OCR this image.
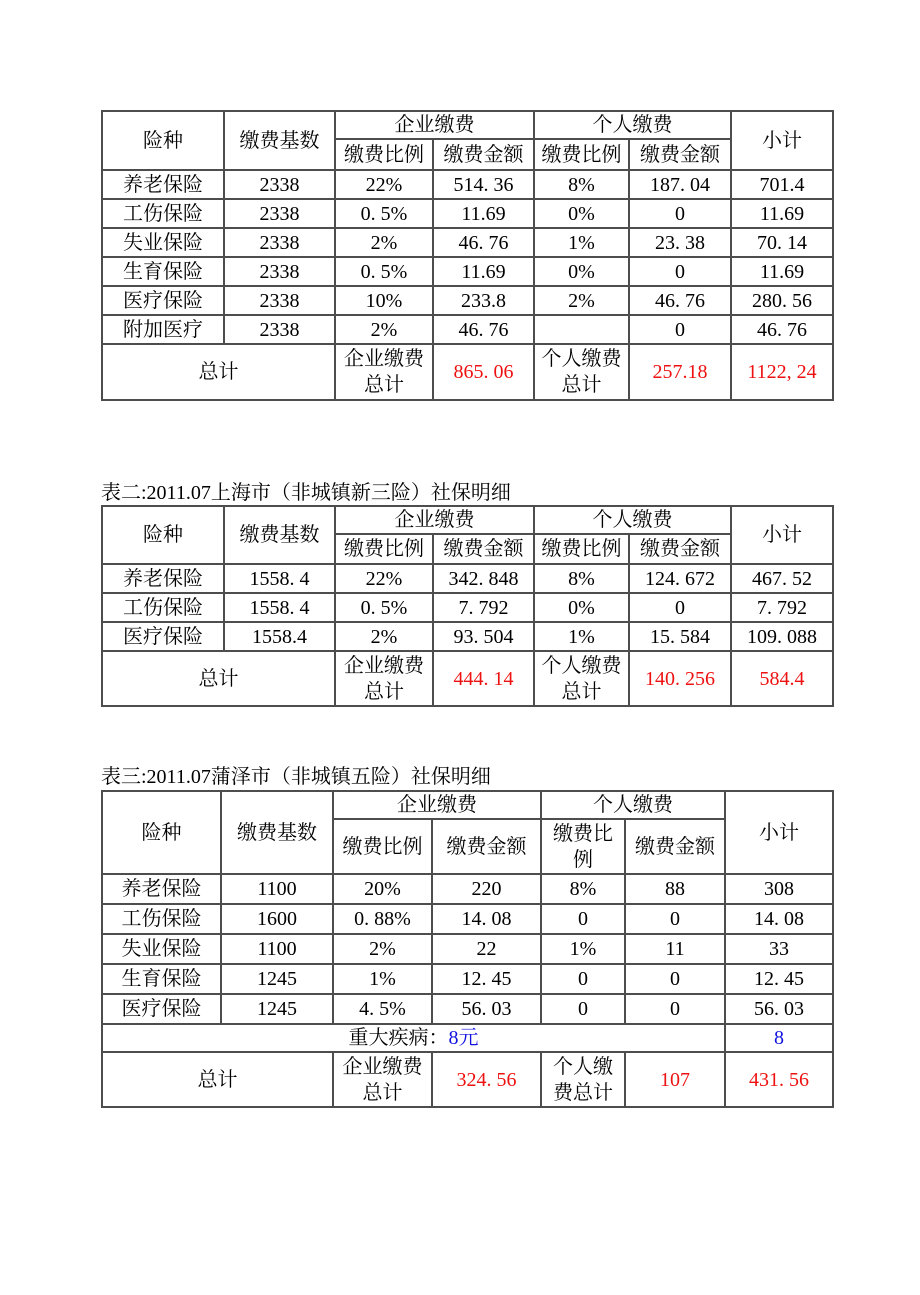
险种	缴费基数	企业缴费		个人缴费		小计
		缴费比例	缴费金额	缴费比例	缴费金额	
养老保险	2338	22%	514. 36	8%	187. 04	701.4
工伤保险	2338	0. 5%	11.69	0%	0	11.69
失业保险	2338	2%	46. 76	1%	23. 38	70. 14
生育保险	2338	0. 5%	11.69	0%	0	11.69
医疗保险	2338	10%	233.8	2%	46. 76	280. 56
附加医疗	2338	2%	46. 76		0	46. 76
总计		企业缴费总计	865. 06	个人缴费总计	257.18	1122, 24
表二:2011.07上海市（非城镇新三险）社保明细
险种	缴费基数	企业缴费		个人缴费		小计
		缴费比例	缴费金额	缴费比例	缴费金额	
养老保险	1558. 4	22%	342. 848	8%	124. 672	467. 52
工伤保险	1558. 4	0. 5%	7. 792	0%	0	7. 792
医疗保险	1558.4	2%	93. 504	1%	15. 584	109. 088
总计		企业缴费总计	444. 14	个人缴费总计	140. 256	584.4
表三:2011.07蒲泽市（非城镇五险）社保明细
险种	缴费基数	企业缴费		个人缴费		小计
		缴费比例	缴费金额	缴费比例	缴费金额	
养老保险	1100	20%	220	8%	88	308
工伤保险	1600	0. 88%	14. 08	0	0	14. 08
失业保险	1100	2%	22	1%	11	33
生育保险	1245	1%	12. 45	0	0	12. 45
医疗保险	1245	4. 5%	56. 03	0	0	56. 03
重大疾病：8元						8
总计		企业缴费总计	324. 56	个人缴费总计	107	431. 56
